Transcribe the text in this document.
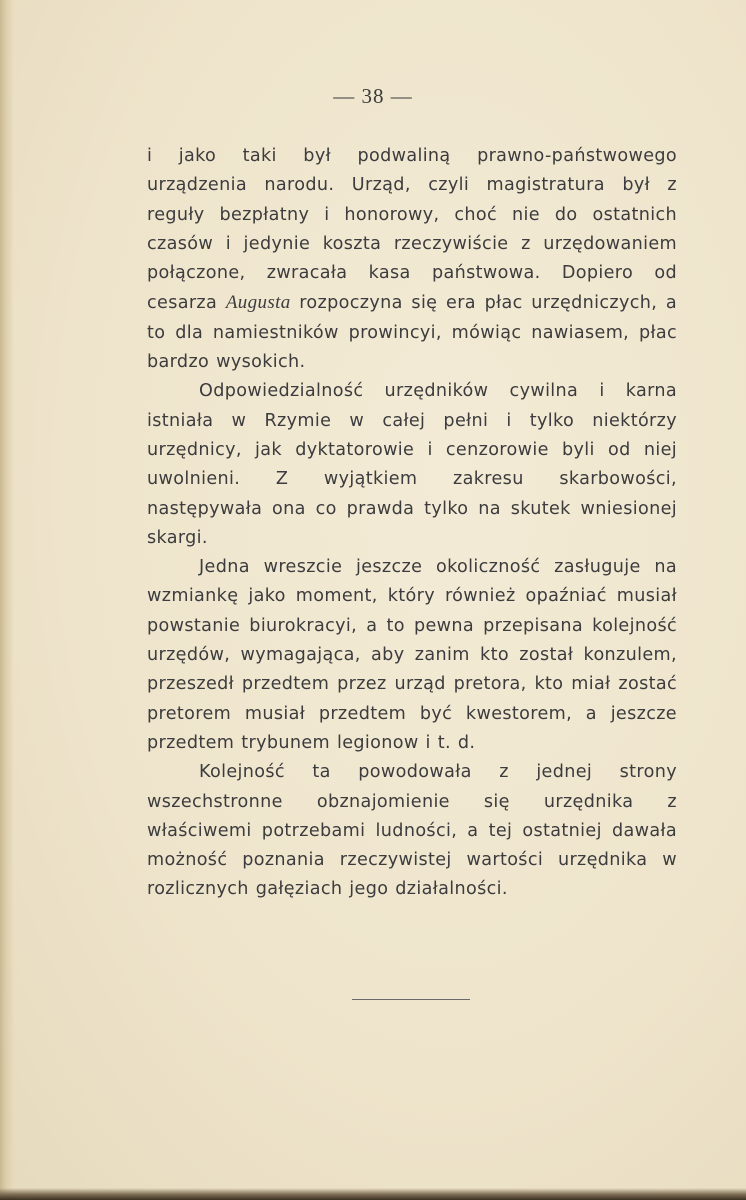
— 38 —

i jako taki był podwaliną prawno-państwowego urządzenia narodu. Urząd, czyli magistratura był z reguły bezpłatny i honorowy, choć nie do ostatnich czasów i jedynie koszta rzeczywiście z urzędowaniem połączone, zwracała kasa państwowa. Dopiero od cesarza Augusta rozpoczyna się era płac urzędniczych, a to dla namiestników prowincyi, mówiąc nawiasem, płac bardzo wysokich.

Odpowiedzialność urzędników cywilna i karna istniała w Rzymie w całej pełni i tylko niektórzy urzędnicy, jak dyktatorowie i cenzorowie byli od niej uwolnieni. Z wyjątkiem zakresu skarbowości, następywała ona co prawda tylko na skutek wniesionej skargi.

Jedna wreszcie jeszcze okoliczność zasługuje na wzmiankę jako moment, który również opaźniać musiał powstanie biurokracyi, a to pewna przepisana kolejność urzędów, wymagająca, aby zanim kto został konzulem, przeszedł przedtem przez urząd pretora, kto miał zostać pretorem musiał przedtem być kwestorem, a jeszcze przedtem trybunem legionow i t. d.

Kolejność ta powodowała z jednej strony wszechstronne obznajomienie się urzędnika z właściwemi potrzebami ludności, a tej ostatniej dawała możność poznania rzeczywistej wartości urzędnika w rozlicznych gałęziach jego działalności.
